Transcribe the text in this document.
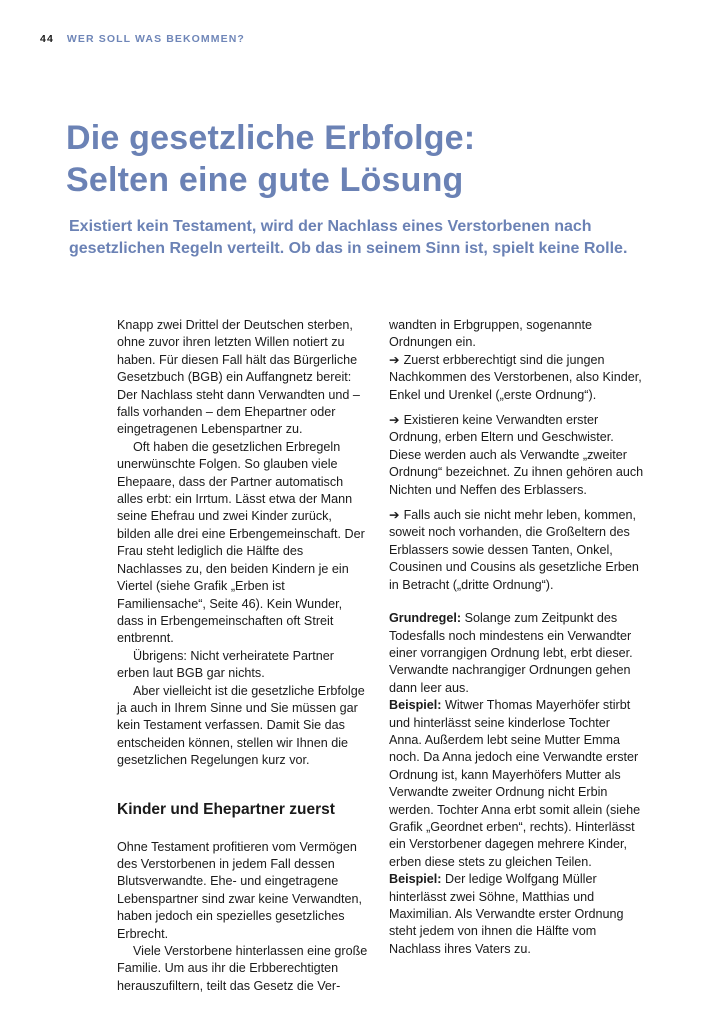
44 WER SOLL WAS BEKOMMEN?
Die gesetzliche Erbfolge:
Selten eine gute Lösung

Existiert kein Testament, wird der Nachlass eines Verstorbenen nach gesetzlichen Regeln verteilt. Ob das in seinem Sinn ist, spielt keine Rolle.

Knapp zwei Drittel der Deutschen sterben, ohne zuvor ihren letzten Willen notiert zu haben. Für diesen Fall hält das Bürgerliche Gesetzbuch (BGB) ein Auffangnetz bereit: Der Nachlass steht dann Verwandten und – falls vorhanden – dem Ehepartner oder eingetragenen Lebenspartner zu.

Oft haben die gesetzlichen Erbregeln unerwünschte Folgen. So glauben viele Ehepaare, dass der Partner automatisch alles erbt: ein Irrtum. Lässt etwa der Mann seine Ehefrau und zwei Kinder zurück, bilden alle drei eine Erbengemeinschaft. Der Frau steht lediglich die Hälfte des Nachlasses zu, den beiden Kindern je ein Viertel (siehe Grafik „Erben ist Familiensache“, Seite 46). Kein Wunder, dass in Erbengemeinschaften oft Streit entbrennt.

Übrigens: Nicht verheiratete Partner erben laut BGB gar nichts.

Aber vielleicht ist die gesetzliche Erbfolge ja auch in Ihrem Sinne und Sie müssen gar kein Testament verfassen. Damit Sie das entscheiden können, stellen wir Ihnen die gesetzlichen Regelungen kurz vor.

Kinder und Ehepartner zuerst

Ohne Testament profitieren vom Vermögen des Verstorbenen in jedem Fall dessen Blutsverwandte. Ehe- und eingetragene Lebenspartner sind zwar keine Verwandten, haben jedoch ein spezielles gesetzliches Erbrecht.

Viele Verstorbene hinterlassen eine große Familie. Um aus ihr die Erbberechtigten herauszufiltern, teilt das Gesetz die Ver-

wandten in Erbgruppen, sogenannte Ordnungen ein.

➔ Zuerst erbberechtigt sind die jungen Nachkommen des Verstorbenen, also Kinder, Enkel und Urenkel („erste Ordnung“).

➔ Existieren keine Verwandten erster Ordnung, erben Eltern und Geschwister. Diese werden auch als Verwandte „zweiter Ordnung“ bezeichnet. Zu ihnen gehören auch Nichten und Neffen des Erblassers.

➔ Falls auch sie nicht mehr leben, kommen, soweit noch vorhanden, die Großeltern des Erblassers sowie dessen Tanten, Onkel, Cousinen und Cousins als gesetzliche Erben in Betracht („dritte Ordnung“).

Grundregel: Solange zum Zeitpunkt des Todesfalls noch mindestens ein Verwandter einer vorrangigen Ordnung lebt, erbt dieser. Verwandte nachrangiger Ordnungen gehen dann leer aus.

Beispiel: Witwer Thomas Mayerhöfer stirbt und hinterlässt seine kinderlose Tochter Anna. Außerdem lebt seine Mutter Emma noch. Da Anna jedoch eine Verwandte erster Ordnung ist, kann Mayerhöfers Mutter als Verwandte zweiter Ordnung nicht Erbin werden. Tochter Anna erbt somit allein (siehe Grafik „Geordnet erben“, rechts). Hinterlässt ein Verstorbener dagegen mehrere Kinder, erben diese stets zu gleichen Teilen.

Beispiel: Der ledige Wolfgang Müller hinterlässt zwei Söhne, Matthias und Maximilian. Als Verwandte erster Ordnung steht jedem von ihnen die Hälfte vom Nachlass ihres Vaters zu.
